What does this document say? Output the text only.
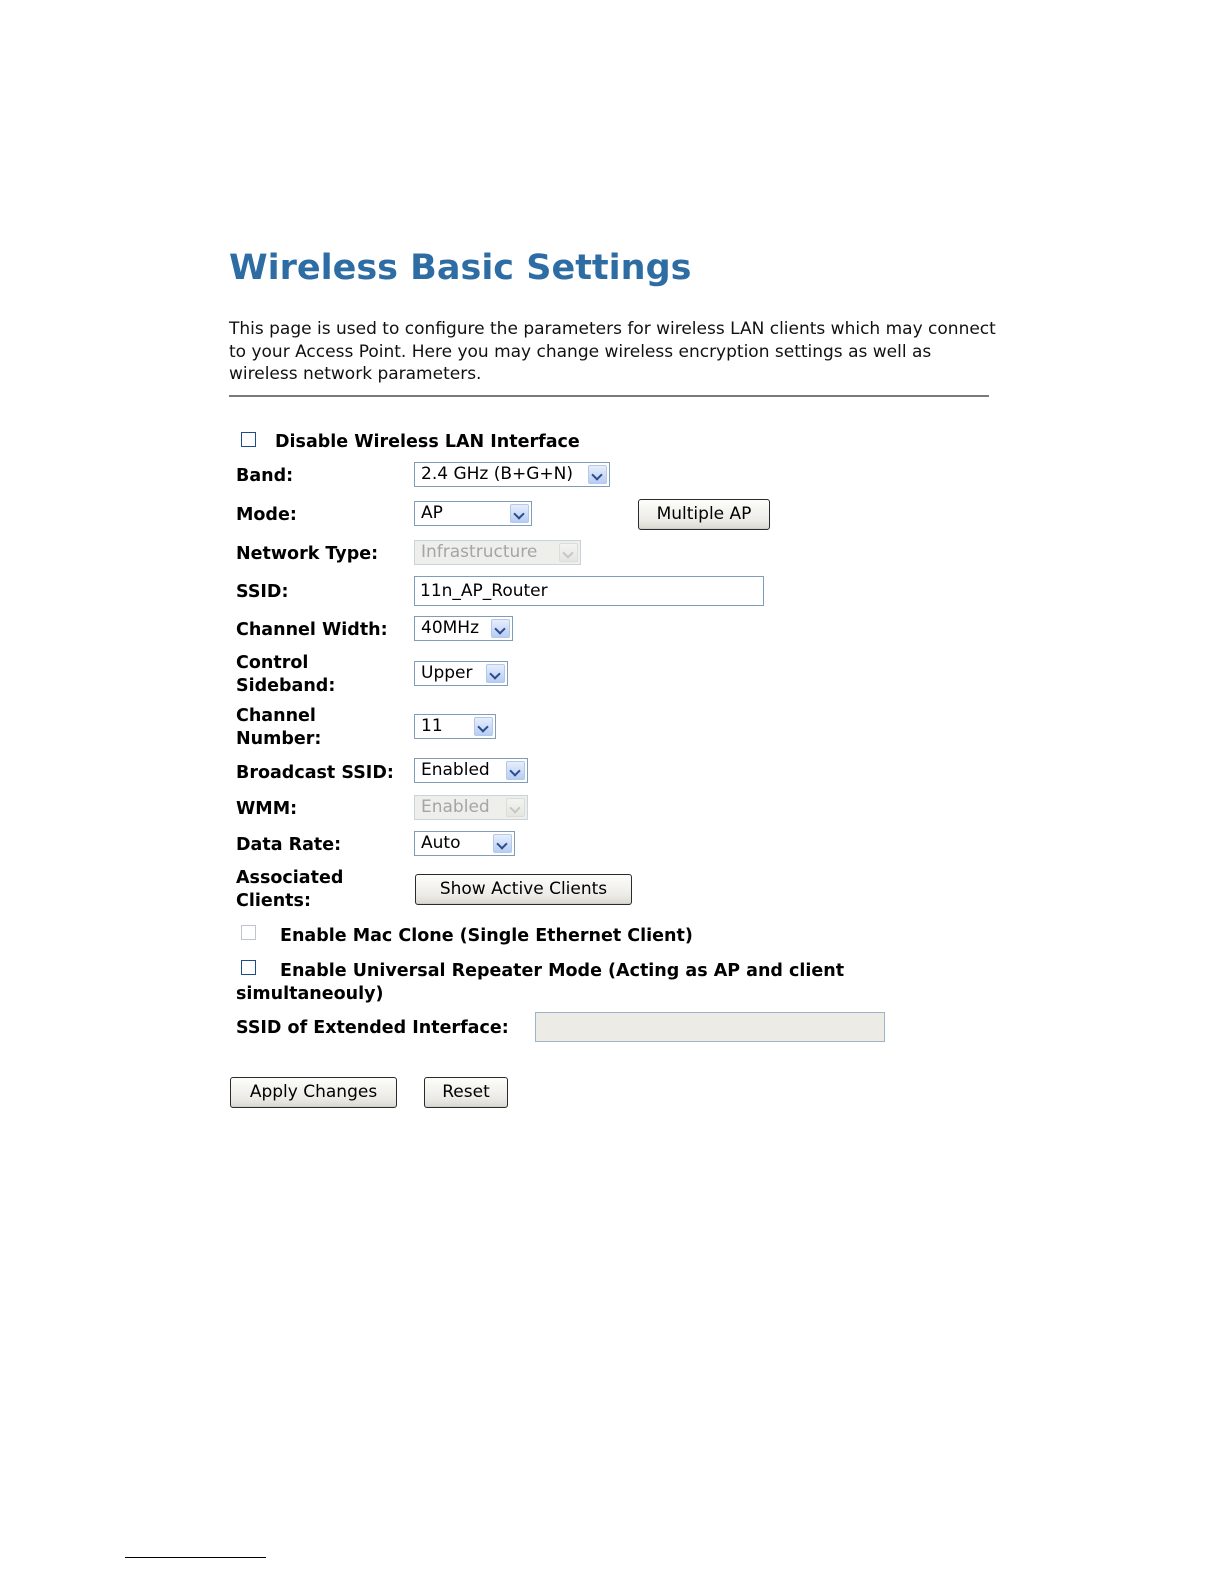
Wireless Basic Settings
This page is used to configure the parameters for wireless LAN clients which may connect to your Access Point. Here you may change wireless encryption settings as well as wireless network parameters.
Disable Wireless LAN Interface
Band:	2.4 GHz (B+G+N)
Mode:	AP	Multiple AP
Network Type:	Infrastructure
SSID:	11n_AP_Router
Channel Width:	40MHz
Control Sideband:
Upper
Channel Number:
11
Broadcast SSID:	Enabled
WMM:	Enabled
Data Rate:	Auto
Associated Clients:
Show Active Clients
Enable Mac Clone (Single Ethernet Client)
Enable Universal Repeater Mode (Acting as AP and client simultaneouly)
SSID of Extended Interface:
Apply Changes	Reset
